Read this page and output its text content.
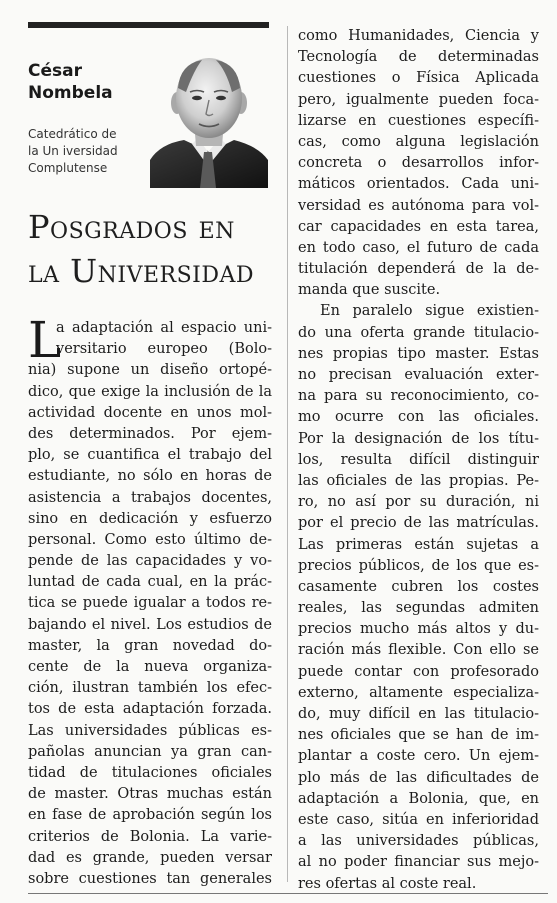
César
Nombela
Catedrático de
la Un iversidad
Complutense
Posgrados en
la Universidad
L
a adaptación al espacio uni-
versitario europeo (Bolo-
nia) supone un diseño ortopé-
dico, que exige la inclusión de la
actividad docente en unos mol-
des determinados. Por ejem-
plo, se cuantifica el trabajo del
estudiante, no sólo en horas de
asistencia a trabajos docentes,
sino en dedicación y esfuerzo
personal. Como esto último de-
pende de las capacidades y vo-
luntad de cada cual, en la prác-
tica se puede igualar a todos re-
bajando el nivel. Los estudios de
master, la gran novedad do-
cente de la nueva organiza-
ción, ilustran también los efec-
tos de esta adaptación forzada.
Las universidades públicas es-
pañolas anuncian ya gran can-
tidad de titulaciones oficiales
de master. Otras muchas están
en fase de aprobación según los
criterios de Bolonia. La varie-
dad es grande, pueden versar
sobre cuestiones tan generales
como Humanidades, Ciencia y
Tecnología de determinadas
cuestiones o Física Aplicada
pero, igualmente pueden foca-
lizarse en cuestiones específi-
cas, como alguna legislación
concreta o desarrollos infor-
máticos orientados. Cada uni-
versidad es autónoma para vol-
car capacidades en esta tarea,
en todo caso, el futuro de cada
titulación dependerá de la de-
manda que suscite.
En paralelo sigue existien-
do una oferta grande titulacio-
nes propias tipo master. Estas
no precisan evaluación exter-
na para su reconocimiento, co-
mo ocurre con las oficiales.
Por la designación de los títu-
los, resulta difícil distinguir
las oficiales de las propias. Pe-
ro, no así por su duración, ni
por el precio de las matrículas.
Las primeras están sujetas a
precios públicos, de los que es-
casamente cubren los costes
reales, las segundas admiten
precios mucho más altos y du-
ración más flexible. Con ello se
puede contar con profesorado
externo, altamente especializa-
do, muy difícil en las titulacio-
nes oficiales que se han de im-
plantar a coste cero. Un ejem-
plo más de las dificultades de
adaptación a Bolonia, que, en
este caso, sitúa en inferioridad
a las universidades públicas,
al no poder financiar sus mejo-
res ofertas al coste real.
